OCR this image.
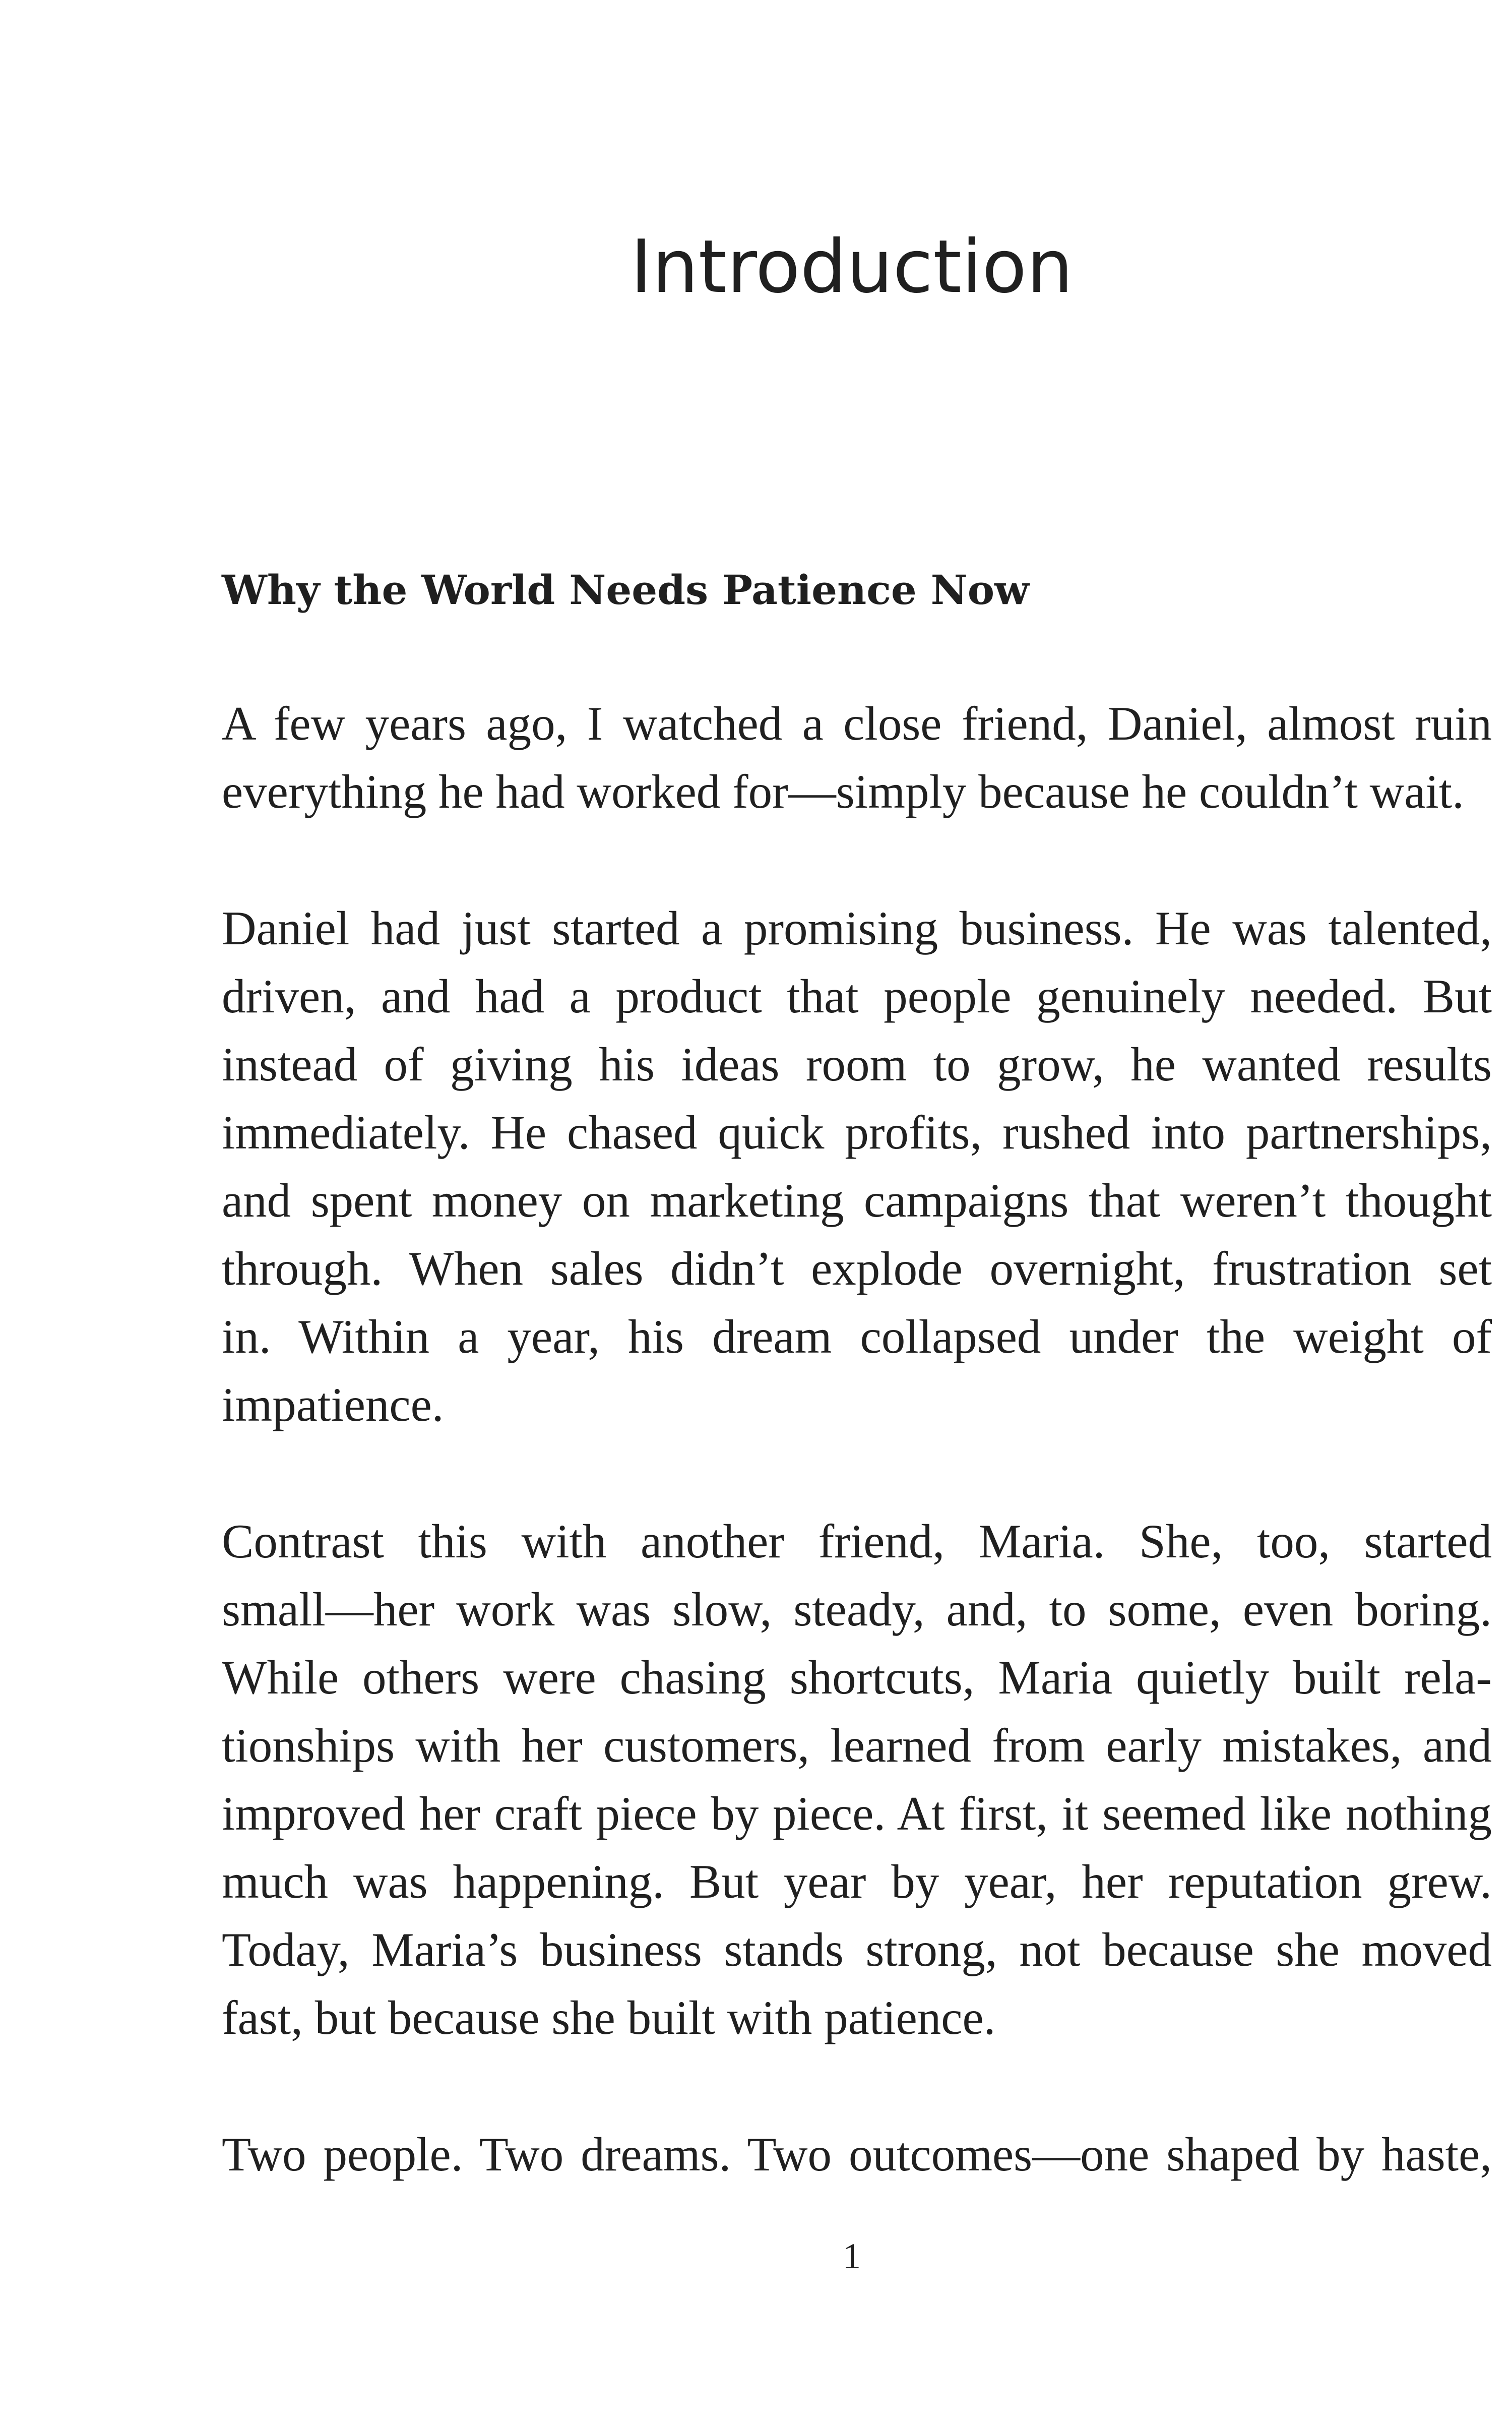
Introduction
Why the World Needs Patience Now
A few years ago, I watched a close friend, Daniel, almost ruin
everything he had worked for—simply because he couldn’t wait.
Daniel had just started a promising business. He was talented,
driven, and had a product that people genuinely needed. But
instead of giving his ideas room to grow, he wanted results
immediately. He chased quick profits, rushed into partnerships,
and spent money on marketing campaigns that weren’t thought
through. When sales didn’t explode overnight, frustration set
in. Within a year, his dream collapsed under the weight of
impatience.
Contrast this with another friend, Maria. She, too, started
small—her work was slow, steady, and, to some, even boring.
While others were chasing shortcuts, Maria quietly built rela-
tionships with her customers, learned from early mistakes, and
improved her craft piece by piece. At first, it seemed like nothing
much was happening. But year by year, her reputation grew.
Today, Maria’s business stands strong, not because she moved
fast, but because she built with patience.
Two people. Two dreams. Two outcomes—one shaped by haste,
1
